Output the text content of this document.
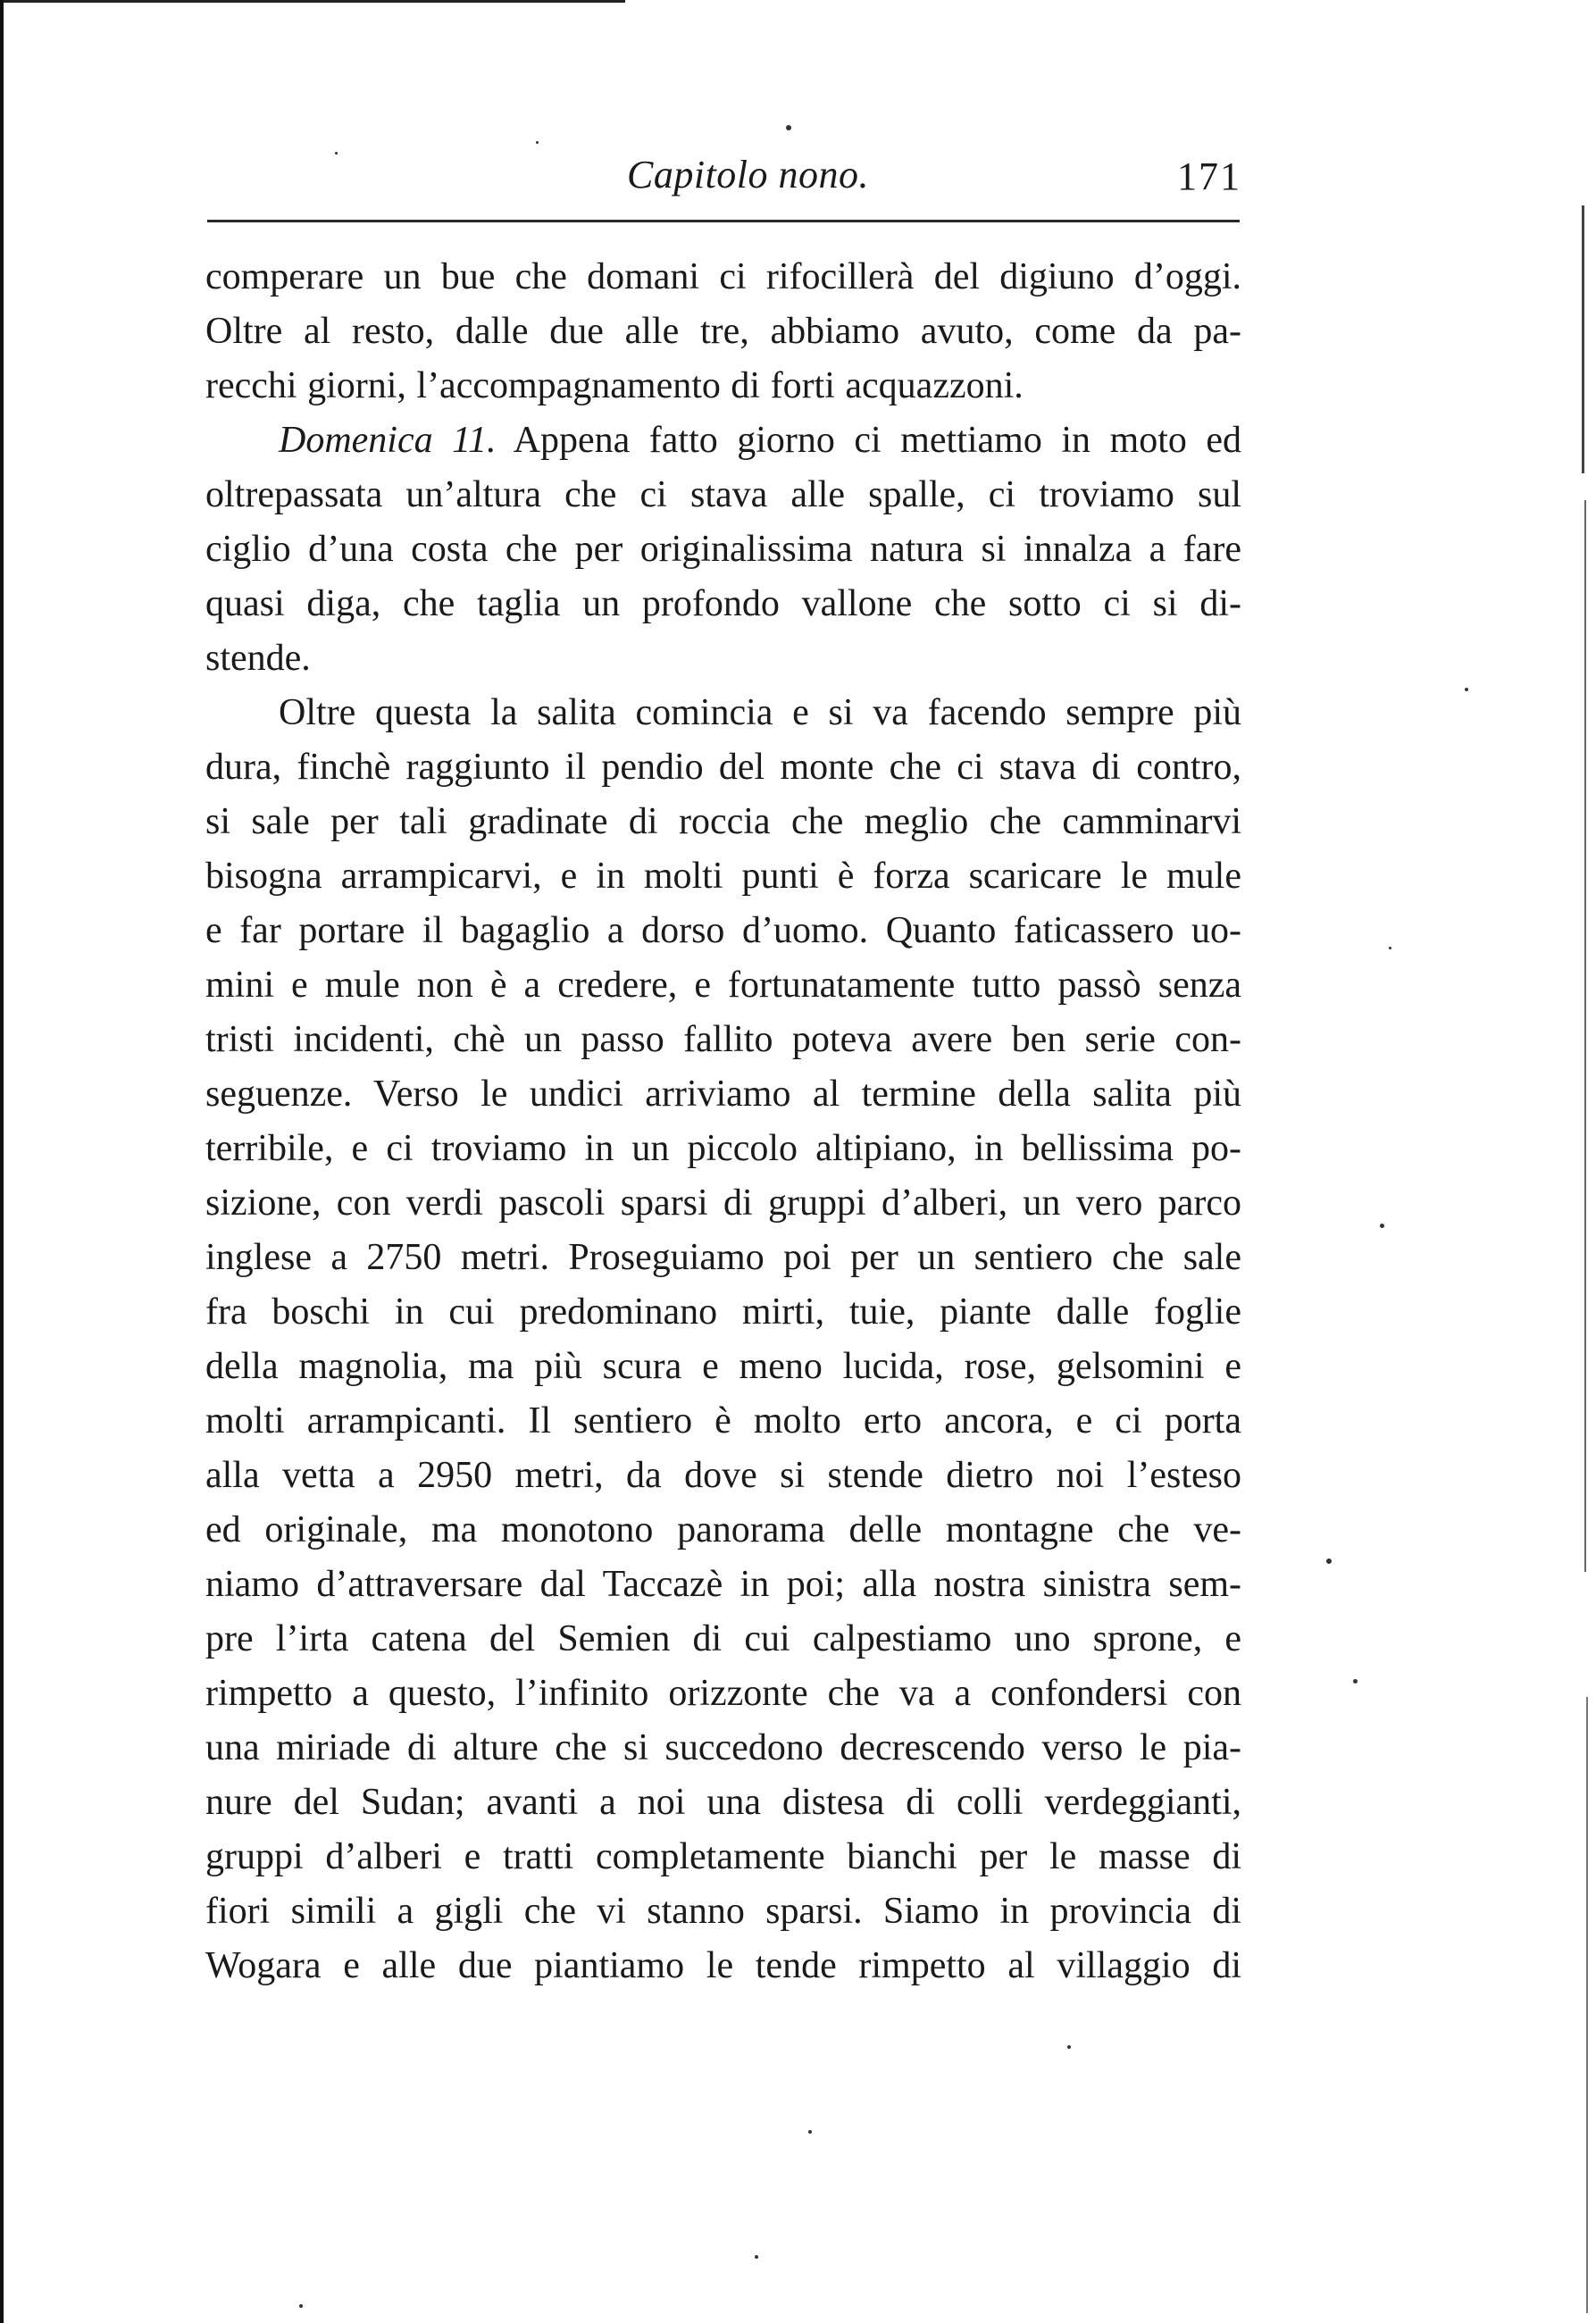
Capitolo nono.	171
comperare un bue che domani ci rifocillerà del digiuno d’oggi.
Oltre al resto, dalle due alle tre, abbiamo avuto, come da pa-
recchi giorni, l’accompagnamento di forti acquazzoni.
Domenica 11. Appena fatto giorno ci mettiamo in moto ed
oltrepassata un’altura che ci stava alle spalle, ci troviamo sul
ciglio d’una costa che per originalissima natura si innalza a fare
quasi diga, che taglia un profondo vallone che sotto ci si di-
stende.
Oltre questa la salita comincia e si va facendo sempre più
dura, finchè raggiunto il pendio del monte che ci stava di contro,
si sale per tali gradinate di roccia che meglio che camminarvi
bisogna arrampicarvi, e in molti punti è forza scaricare le mule
e far portare il bagaglio a dorso d’uomo. Quanto faticassero uo-
mini e mule non è a credere, e fortunatamente tutto passò senza
tristi incidenti, chè un passo fallito poteva avere ben serie con-
seguenze. Verso le undici arriviamo al termine della salita più
terribile, e ci troviamo in un piccolo altipiano, in bellissima po-
sizione, con verdi pascoli sparsi di gruppi d’alberi, un vero parco
inglese a 2750 metri. Proseguiamo poi per un sentiero che sale
fra boschi in cui predominano mirti, tuie, piante dalle foglie
della magnolia, ma più scura e meno lucida, rose, gelsomini e
molti arrampicanti. Il sentiero è molto erto ancora, e ci porta
alla vetta a 2950 metri, da dove si stende dietro noi l’esteso
ed originale, ma monotono panorama delle montagne che ve-
niamo d’attraversare dal Taccazè in poi; alla nostra sinistra sem-
pre l’irta catena del Semien di cui calpestiamo uno sprone, e
rimpetto a questo, l’infinito orizzonte che va a confondersi con
una miriade di alture che si succedono decrescendo verso le pia-
nure del Sudan; avanti a noi una distesa di colli verdeggianti,
gruppi d’alberi e tratti completamente bianchi per le masse di
fiori simili a gigli che vi stanno sparsi. Siamo in provincia di
Wogara e alle due piantiamo le tende rimpetto al villaggio di
